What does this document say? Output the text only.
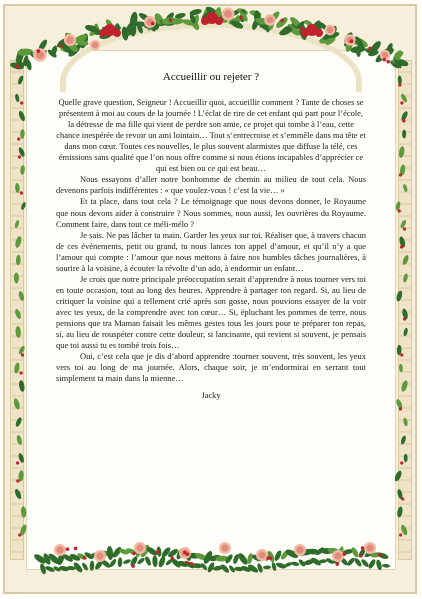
Accueillir ou rejeter ?

Quelle grave question, Seigneur ! Accueillir quoi, accueillir comment ? Tante de choses se présentent à moi au cours de la journée ! L’éclat de rire de cet enfant qui part pour l’école, la détresse de ma fille qui vient de perdre son amie, ce projet qui tombe à l’eau, cette chance inespérée de revoir un ami lointain… Tout s’entrecroise et s’emmêle dans ma tête et dans mon cœur. Toutes ces nouvelles, le plus souvent alarmistes que diffuse la télé, ces émissions sans qualité que l’on nous offre comme si nous étions incapables d’apprécier ce qui est bien ou ce qui est beau…

Nous essayons d’aller notre bonhomme de chemin au milieu de tout cela. Nous devenons parfois indifférentes : « que voulez-vous ! c’est la vie… »

Et ta place, dans tout cela ? Le témoignage que nous devons donner, le Royaume que nous devons aider à construire ? Nous sommes, nous aussi, les ouvrières du Royaume. Comment faire, dans tout ce méli-mélo ?

Je sais. Ne pas lâcher ta main. Garder les yeux sur toi. Réaliser que, à travers chacun de ces événements, petit ou grand, tu nous lances ton appel d’amour, et qu’il n’y a que l’amour qui compte : l’amour que nous mettons à faire nos humbles tâches journalières, à sourire à la voisine, à écouter la révolte d’un ado, à endormir un enfant…

Je crois que notre principale préoccupation serait d’apprendre à nous tourner vers toi en toute occasion, tout au long des heures. Apprendre à partager ton regard. Si, au lieu de critiquer la voisine qui a tellement crié après son gosse, nous pouvions essayer de la voir avec tes yeux, de la comprendre avec ton cœur… Si, épluchant les pommes de terre, nous pensions que tra Maman faisait les mêmes gestes tous les jours pour te préparer ton repas, si, au lieu de rouspéter contre cette douleur, si lancinante, qui revient si souvent, je pensais que toi aussi tu es tombé trois fois…

Oui, c’est cela que je dis d’abord apprendre :tourner souvent, très souvent, les yeux vers toi au long de ma journée. Alors, chaque soir, je m’endormirai en serrant tout simplement ta main dans la mienne…

Jacky
